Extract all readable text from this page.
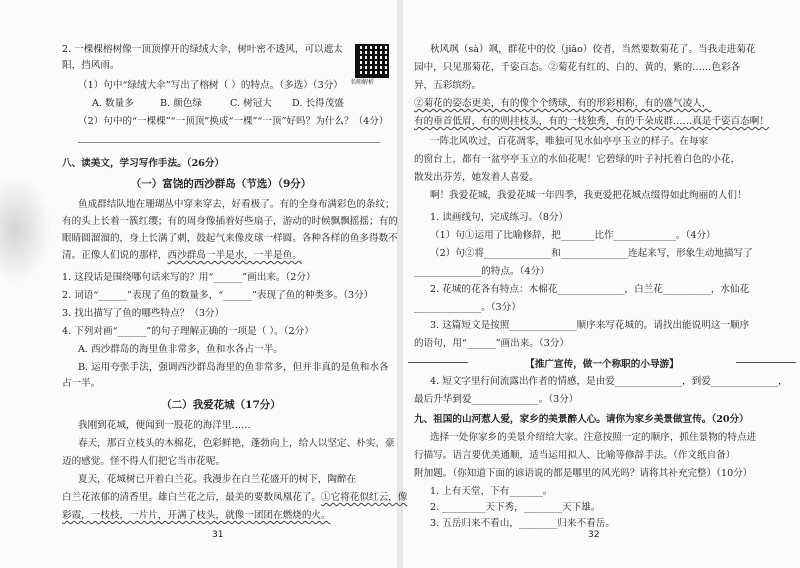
2. 一棵棵榕树像一顶顶撑开的绿绒大伞，树叶密不透风，可以遮太
阳，挡风雨。
名师解析
（1）句中“绿绒大伞”写出了榕树（ ）的特点。（多选）（3分）
A. 数量多	B. 颜色绿	C. 树冠大 D. 长得茂盛
（2）句中的“一棵棵”“一顶顶”换成“一棵”“一顶”好吗？为什么？（4分）
八、读美文，学习写作手法。（26分）
（一）富饶的西沙群岛（节选）（9分）
鱼成群结队地在珊瑚丛中穿来穿去，好看极了。有的全身布满彩色的条纹；
有的头上长着一簇红缨；有的周身像插着好些扇子，游动的时候飘飘摇摇；有的
眼睛圆溜溜的，身上长满了刺，鼓起气来像皮球一样圆。各种各样的鱼多得数不
清。正像人们说的那样，西沙群岛一半是水，一半是鱼。
1. 这段话是围绕哪句话来写的？用“______”画出来。（2分）
2. 词语“______”表现了鱼的数量多，“______”表现了鱼的种类多。（3分）
3. 找出描写了鱼的哪些特点？（3分）
4. 下列对画“______”的句子理解正确的一项是（ ）。（2分）
A. 西沙群岛的海里鱼非常多，鱼和水各占一半。
B. 运用夸张手法，强调西沙群岛海里的鱼非常多，但并非真的是鱼和水各
占一半。
（二）我爱花城（17分）
我刚到花城，便闻到一股花的海洋里……
春天，那百立枝头的木棉花，色彩鲜艳，蓬勃向上，给人以坚定、朴实、豪
迈的感觉。怪不得人们把它当市花呢。
夏天，花城树已开着白兰花。我漫步在白兰花盛开的树下，陶醉在
白兰花浓郁的清香里。雄白兰花之后，最美的要数凤凰花了。①它将花似红云，像
彩霞，一枝枝，一片片，开满了枝头，就像一团团在燃烧的火。
31
秋风飒（sà）飒，群花中的佼（jiǎo）佼者，当然要数菊花了。当我走进菊花
园中，只见那菊花，千姿百态。②菊花有红的、白的、黄的、紫的……色彩各
异，五彩缤纷。
②菊花的姿态更美，有的像个个绣球，有的形彩相称，有的盛气凌人，
有的垂首低眉，有的则挂枝头，有的一枝独秀，有的千朵成群……真是千姿百态啊！
一阵北风吹过，百花凋零，唯独可见水仙亭亭玉立的样子。在每家
的窗台上，都有一盆亭亭玉立的水仙花呢！它碧绿的叶子衬托着白色的小花，
散发出芬芳，她发着人喜爱。
啊！我爱花城，我爱花城一年四季，我更爱把花城点缀得如此绚丽的人们！
1. 读画线句，完成练习。（8分）
（1）句①运用了比喻修辞，把_______比作_____________。（4分）
（2）句②将______________和______________连起来写，形象生动地描写了
______________的特点。（4分）
2. 花城的花各有特点：木棉花______________，白兰花__________，水仙花
______________。（3分）
3. 这篇短文是按照______________顺序来写花城的。请找出能说明这一顺序
的语句，用“______”画出来。（3分）
4. 短文字里行间流露出作者的情感，是由爱______________，到爱______________，
最后升华到爱______________。（3分）
【推广宣传，做一个称职的小导游】
九、祖国的山河惹人爱，家乡的美景醉人心。请你为家乡美景做宣传。（20分）
选择一处你家乡的美景介绍给大家。注意按照一定的顺序，抓住景物的特点进
行描写。语言要优美通顺，适当运用拟人、比喻等修辞手法。（作文纸自备）
附加题。（你知道下面的谚语说的都是哪里的风光吗？请将其补充完整）（10分）
1. 上有天堂，下有_______。
2. _________天下秀，________天下雄。
3. 五岳归来不看山，________归来不看岳。
32
